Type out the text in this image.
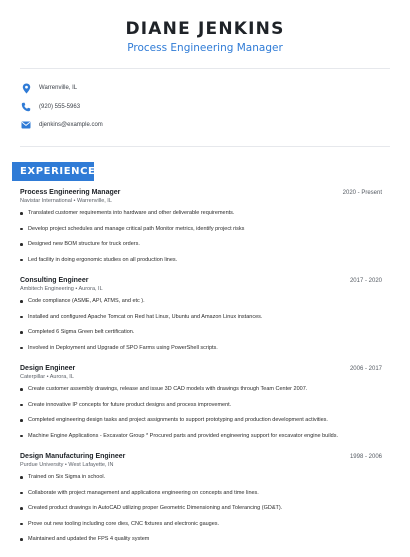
DIANE JENKINS
Process Engineering Manager
Warrenville, IL
(920) 555-5963
djenkins@example.com
EXPERIENCE
Process Engineering Manager	2020 - Present
Navistar International • Warrenville, IL
Translated customer requirements into hardware and other deliverable requirements.
Develop project schedules and manage critical path Monitor metrics, identify project risks
Designed new BOM structure for truck orders.
Led facility in doing ergonomic studies on all production lines.
Consulting Engineer	2017 - 2020
Ambitech Engineering • Aurora, IL
Code compliance (ASME, API, ATMS, and etc ).
Installed and configured Apache Tomcat on Red hat Linux, Ubuntu and Amazon Linux instances.
Completed 6 Sigma Green belt certification.
Involved in Deployment and Upgrade of SPO Farms using PowerShell scripts.
Design Engineer	2006 - 2017
Caterpillar • Aurora, IL
Create customer assembly drawings, release and issue 3D CAD models with drawings through Team Center 2007.
Create innovative IP concepts for future product designs and process improvement.
Completed engineering design tasks and project assignments to support prototyping and production development activities.
Machine Engine Applications - Excavator Group * Procured parts and provided engineering support for excavator engine builds.
Design Manufacturing Engineer	1998 - 2006
Purdue University • West Lafayette, IN
Trained on Six Sigma in school.
Collaborate with project management and applications engineering on concepts and time lines.
Created product drawings in AutoCAD utilizing proper Geometric Dimensioning and Tolerancing (GD&T).
Prove out new tooling including core dies, CNC fixtures and electronic gauges.
Maintained and updated the FPS 4 quality system
